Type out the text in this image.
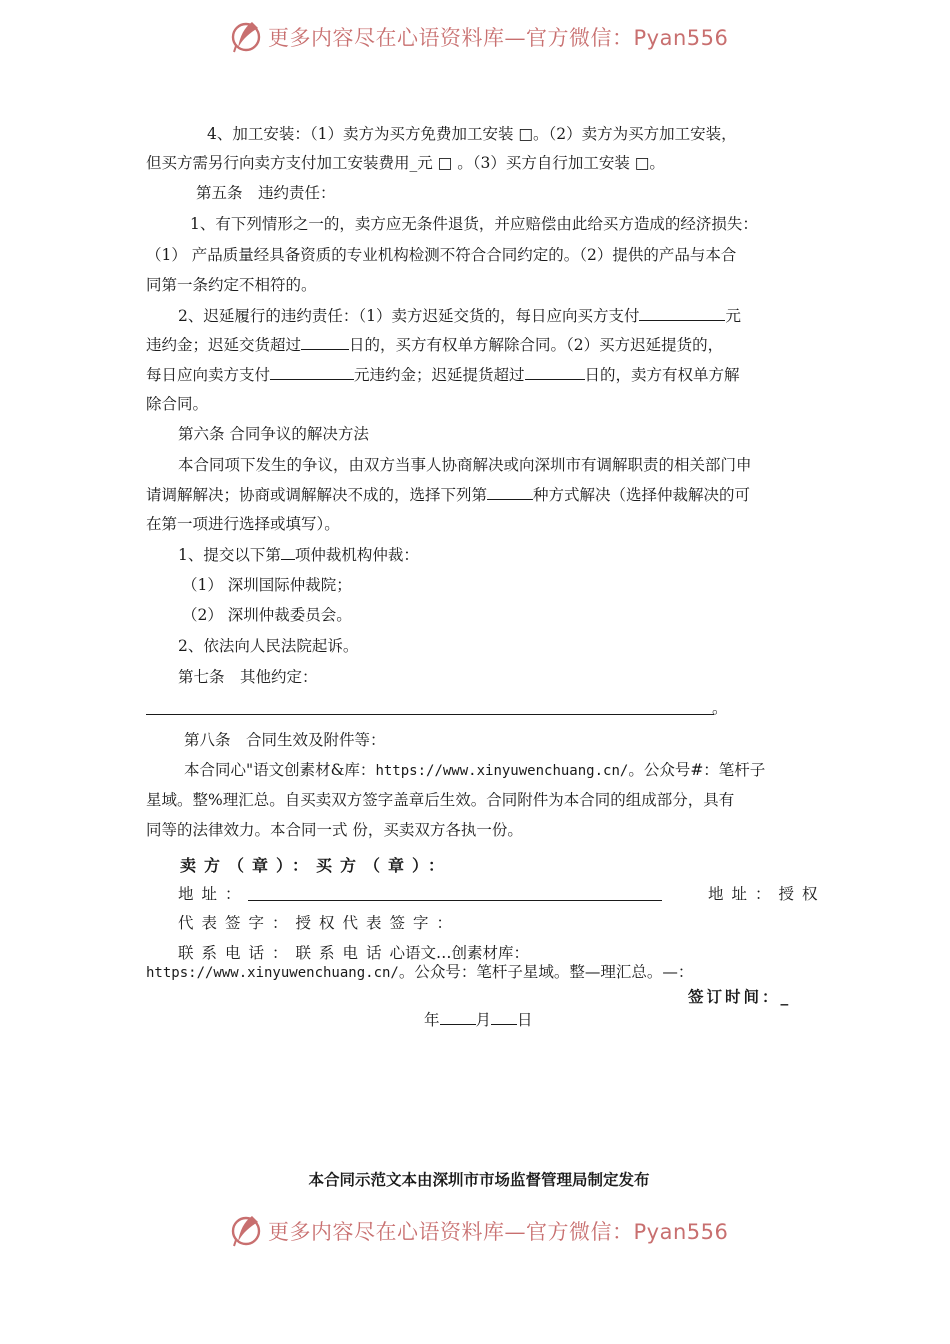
更多内容尽在心语资料库—官方微信：Pyan556
4、加工安装：（1）卖方为买方免费加工安装 □。（2）卖方为买方加工安装，
但买方需另行向卖方支付加工安装费用_元 □ 。（3）买方自行加工安装 □。
第五条　违约责任：
1、有下列情形之一的，卖方应无条件退货，并应赔偿由此给买方造成的经济损失：
（1） 产品质量经具备资质的专业机构检测不符合合同约定的。（2）提供的产品与本合
同第一条约定不相符的。
2、迟延履行的违约责任：（1）卖方迟延交货的，每日应向买方支付	元
违约金；迟延交货超过	日的，买方有权单方解除合同。（2）买方迟延提货的，
每日应向卖方支付	元违约金；迟延提货超过	日的，卖方有权单方解
除合同。
第六条 合同争议的解决方法
本合同项下发生的争议，由双方当事人协商解决或向深圳市有调解职责的相关部门申
请调解解决；协商或调解解决不成的，选择下列第	种方式解决（选择仲裁解决的可
在第一项进行选择或填写）。
1、提交以下第 项仲裁机构仲裁：
（1） 深圳国际仲裁院；
（2） 深圳仲裁委员会。
2、依法向人民法院起诉。
第七条　其他约定：
。
第八条　合同生效及附件等：
本合同心"语文创素材&库：https://www.xinyuwenchuang.cn/。公众号#：笔杆子
星域。整%理汇总。自买卖双方签字盖章后生效。合同附件为本合同的组成部分，具有
同等的法律效力。本合同一式 份，买卖双方各执一份。
卖方（章）：买方（章）：
地址：	地址：授权
代表签字：授权代表签字：
联系电话：联系电话心语文…创素材库：
https://www.xinyuwenchuang.cn/。公众号：笔杆子星域。整—理汇总。—：
签订时间：_
年 月 日
本合同示范文本由深圳市市场监督管理局制定发布
更多内容尽在心语资料库—官方微信：Pyan556
